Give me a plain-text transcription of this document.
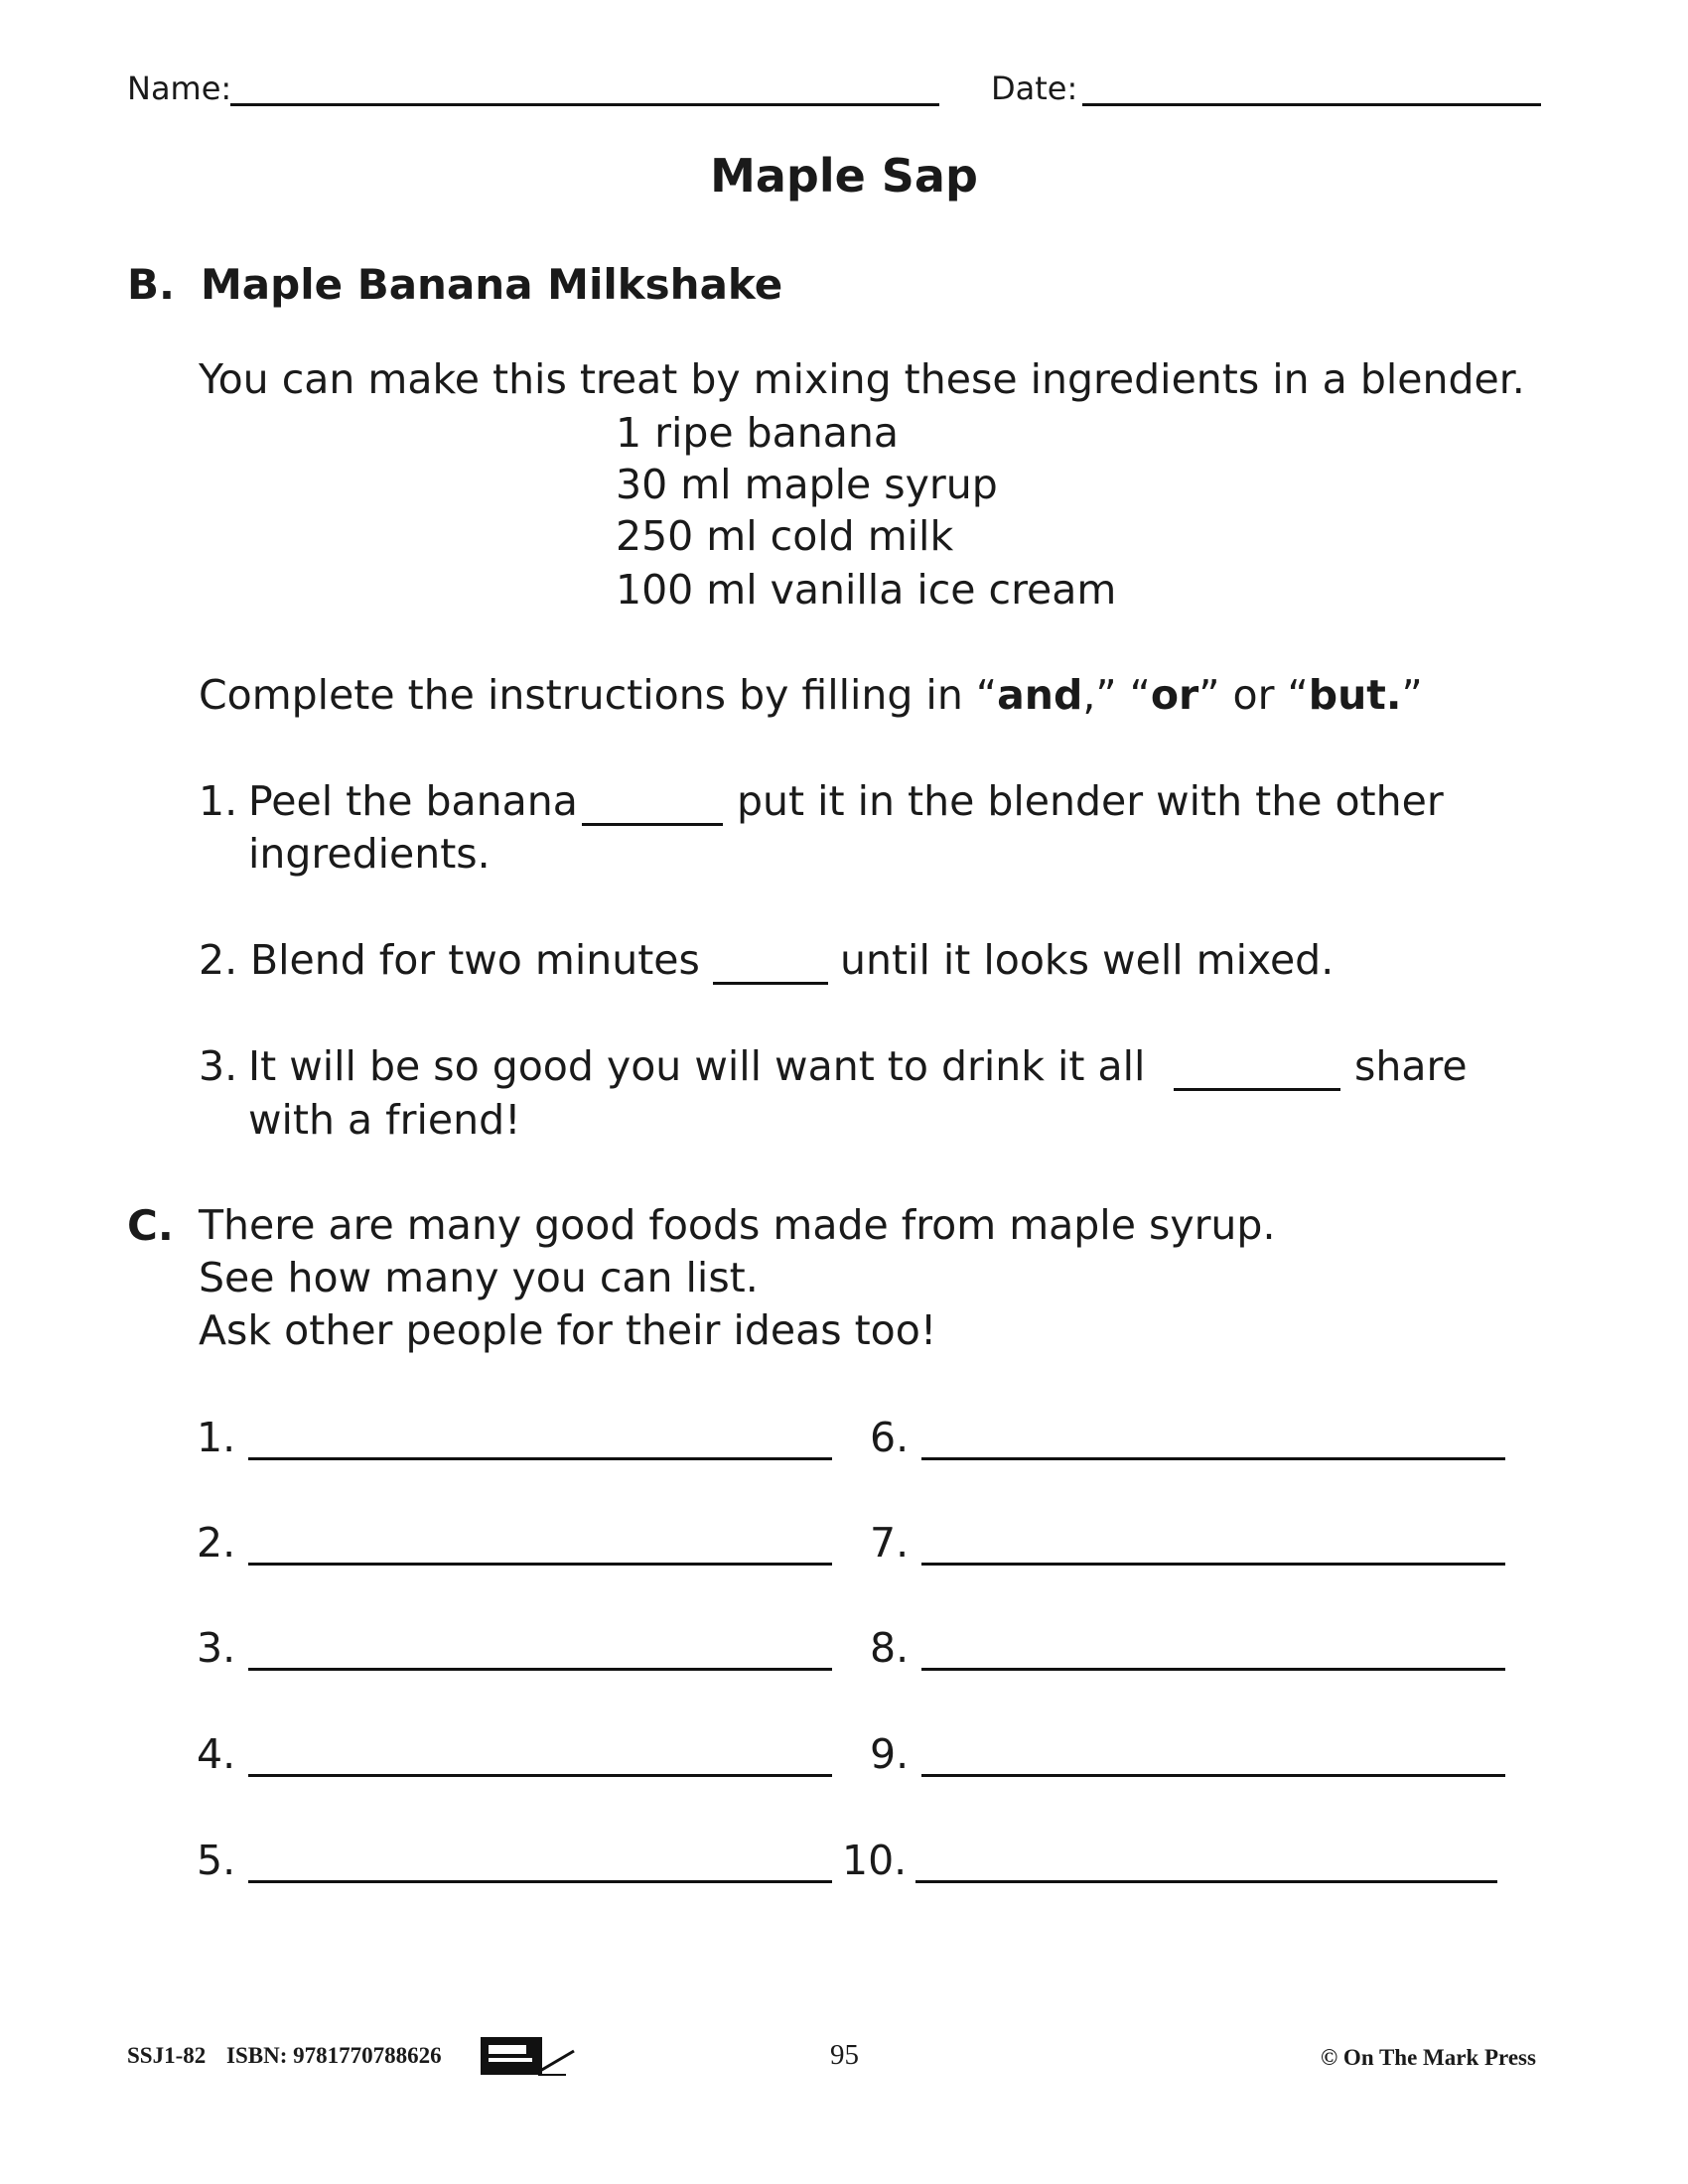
Name:	Date:
Maple Sap
B. Maple Banana Milkshake
You can make this treat by mixing these ingredients in a blender.
1 ripe banana
30 ml maple syrup
250 ml cold milk
100 ml vanilla ice cream
Complete the instructions by filling in “and,” “or” or “but.”
1. Peel the banana	put it in the blender with the other
ingredients.
2. Blend for two minutes	until it looks well mixed.
3. It will be so good you will want to drink it all	share
with a friend!
C. There are many good foods made from maple syrup.
See how many you can list.
Ask other people for their ideas too!
1.
2.
3.
4.
5.
6.
7.
8.
9.
10.
SSJ1-82 ISBN: 9781770788626	95	© On The Mark Press
